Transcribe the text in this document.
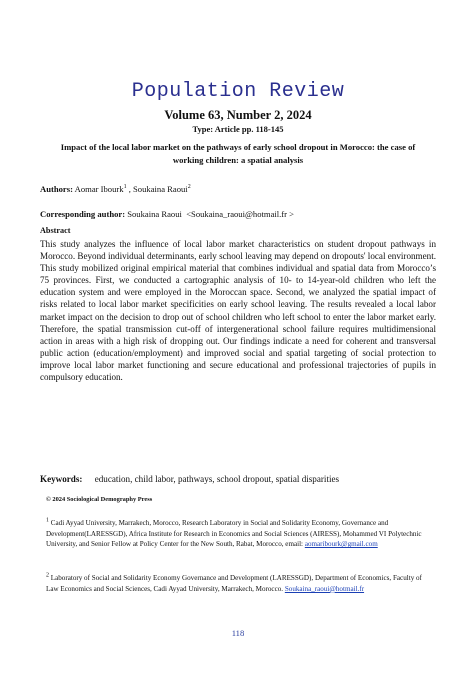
Population Review
Volume 63, Number 2, 2024
Type: Article pp. 118-145
Impact of the local labor market on the pathways of early school dropout in Morocco: the case of working children: a spatial analysis
Authors: Aomar Ibourk$^1$ , Soukaina Raoui$^2$
Corresponding author: Soukaina Raoui <Soukaina_raoui@hotmail.fr >
Abstract

This study analyzes the influence of local labor market characteristics on student dropout pathways in Morocco. Beyond individual determinants, early school leaving may depend on dropouts' local environment. This study mobilized original empirical material that combines individual and spatial data from Morocco’s 75 provinces. First, we conducted a cartographic analysis of 10- to 14-year-old children who left the education system and were employed in the Moroccan space. Second, we analyzed the spatial impact of risks related to local labor market specificities on early school leaving. The results revealed a local labor market impact on the decision to drop out of school children who left school to enter the labor market early. Therefore, the spatial transmission cut-off of intergenerational school failure requires multidimensional action in areas with a high risk of dropping out. Our findings indicate a need for coherent and transversal public action (education/employment) and improved social and spatial targeting of social protection to improve local labor market functioning and secure educational and professional trajectories of pupils in compulsory education.

Keywords: education, child labor, pathways, school dropout, spatial disparities
© 2024 Sociological Demography Press

$^1$ Cadi Ayyad University, Marrakech, Morocco, Research Laboratory in Social and Solidarity Economy, Governance and Development(LARESSGD), Africa Institute for Research in Economics and Social Sciences (AIRESS), Mohammed VI Polytechnic University, and Senior Fellow at Policy Center for the New South, Rabat, Morocco, email: aomaribourk@gmail.com

$^2$ Laboratory of Social and Solidarity Economy Governance and Development (LARESSGD), Department of Economics, Faculty of Law Economics and Social Sciences, Cadi Ayyad University, Marrakech, Morocco. Soukaina_raoui@hotmail.fr

118
